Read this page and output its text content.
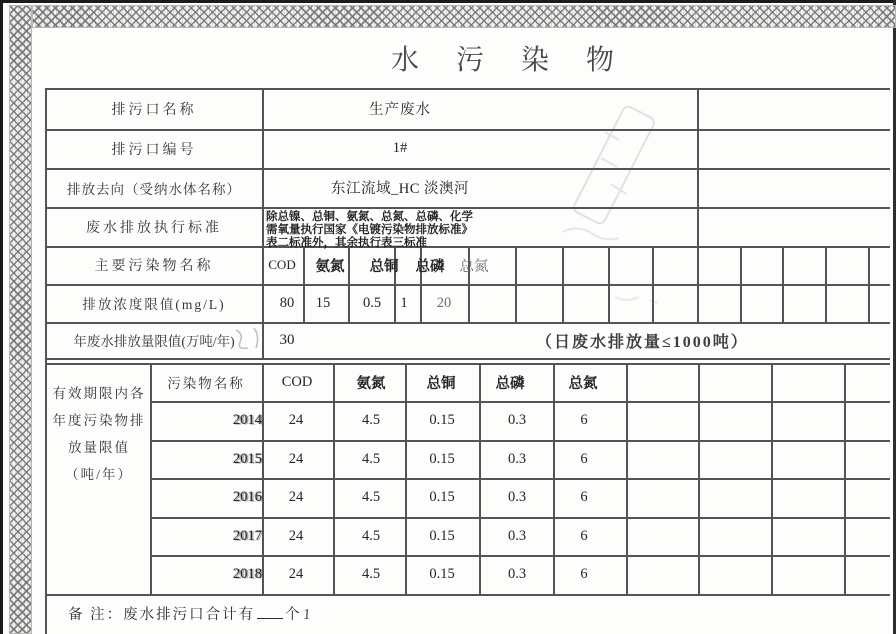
水 污 染 物
排污口名称	生产废水
排污口编号	1#
排放去向（受纳水体名称）	东江流域_HC 淡澳河
废水排放执行标准
除总镍、总铜、氨氮、总氮、总磷、化学
需氧量执行国家《电镀污染物排放标准》
表二标准外，其余执行表三标准
主要污染物名称	COD	氨氮	总铜	总磷	总氮
排放浓度限值(mg/L)	80	15	0.5	1	20
年废水排放量限值(万吨/年)	30	（日废水排放量≤1000吨）
有效期限内各
年度污染物排
放量限值
（吨/年）
污染物名称	COD	氨氮	总铜	总磷	总氮
2014	24	4.5	0.15	0.3	6
2015	24	4.5	0.15	0.3	6
2016	24	4.5	0.15	0.3	6
2017	24	4.5	0.15	0.3	6
2018	24	4.5	0.15	0.3	6
备 注： 废水排污口合计有 个 1
